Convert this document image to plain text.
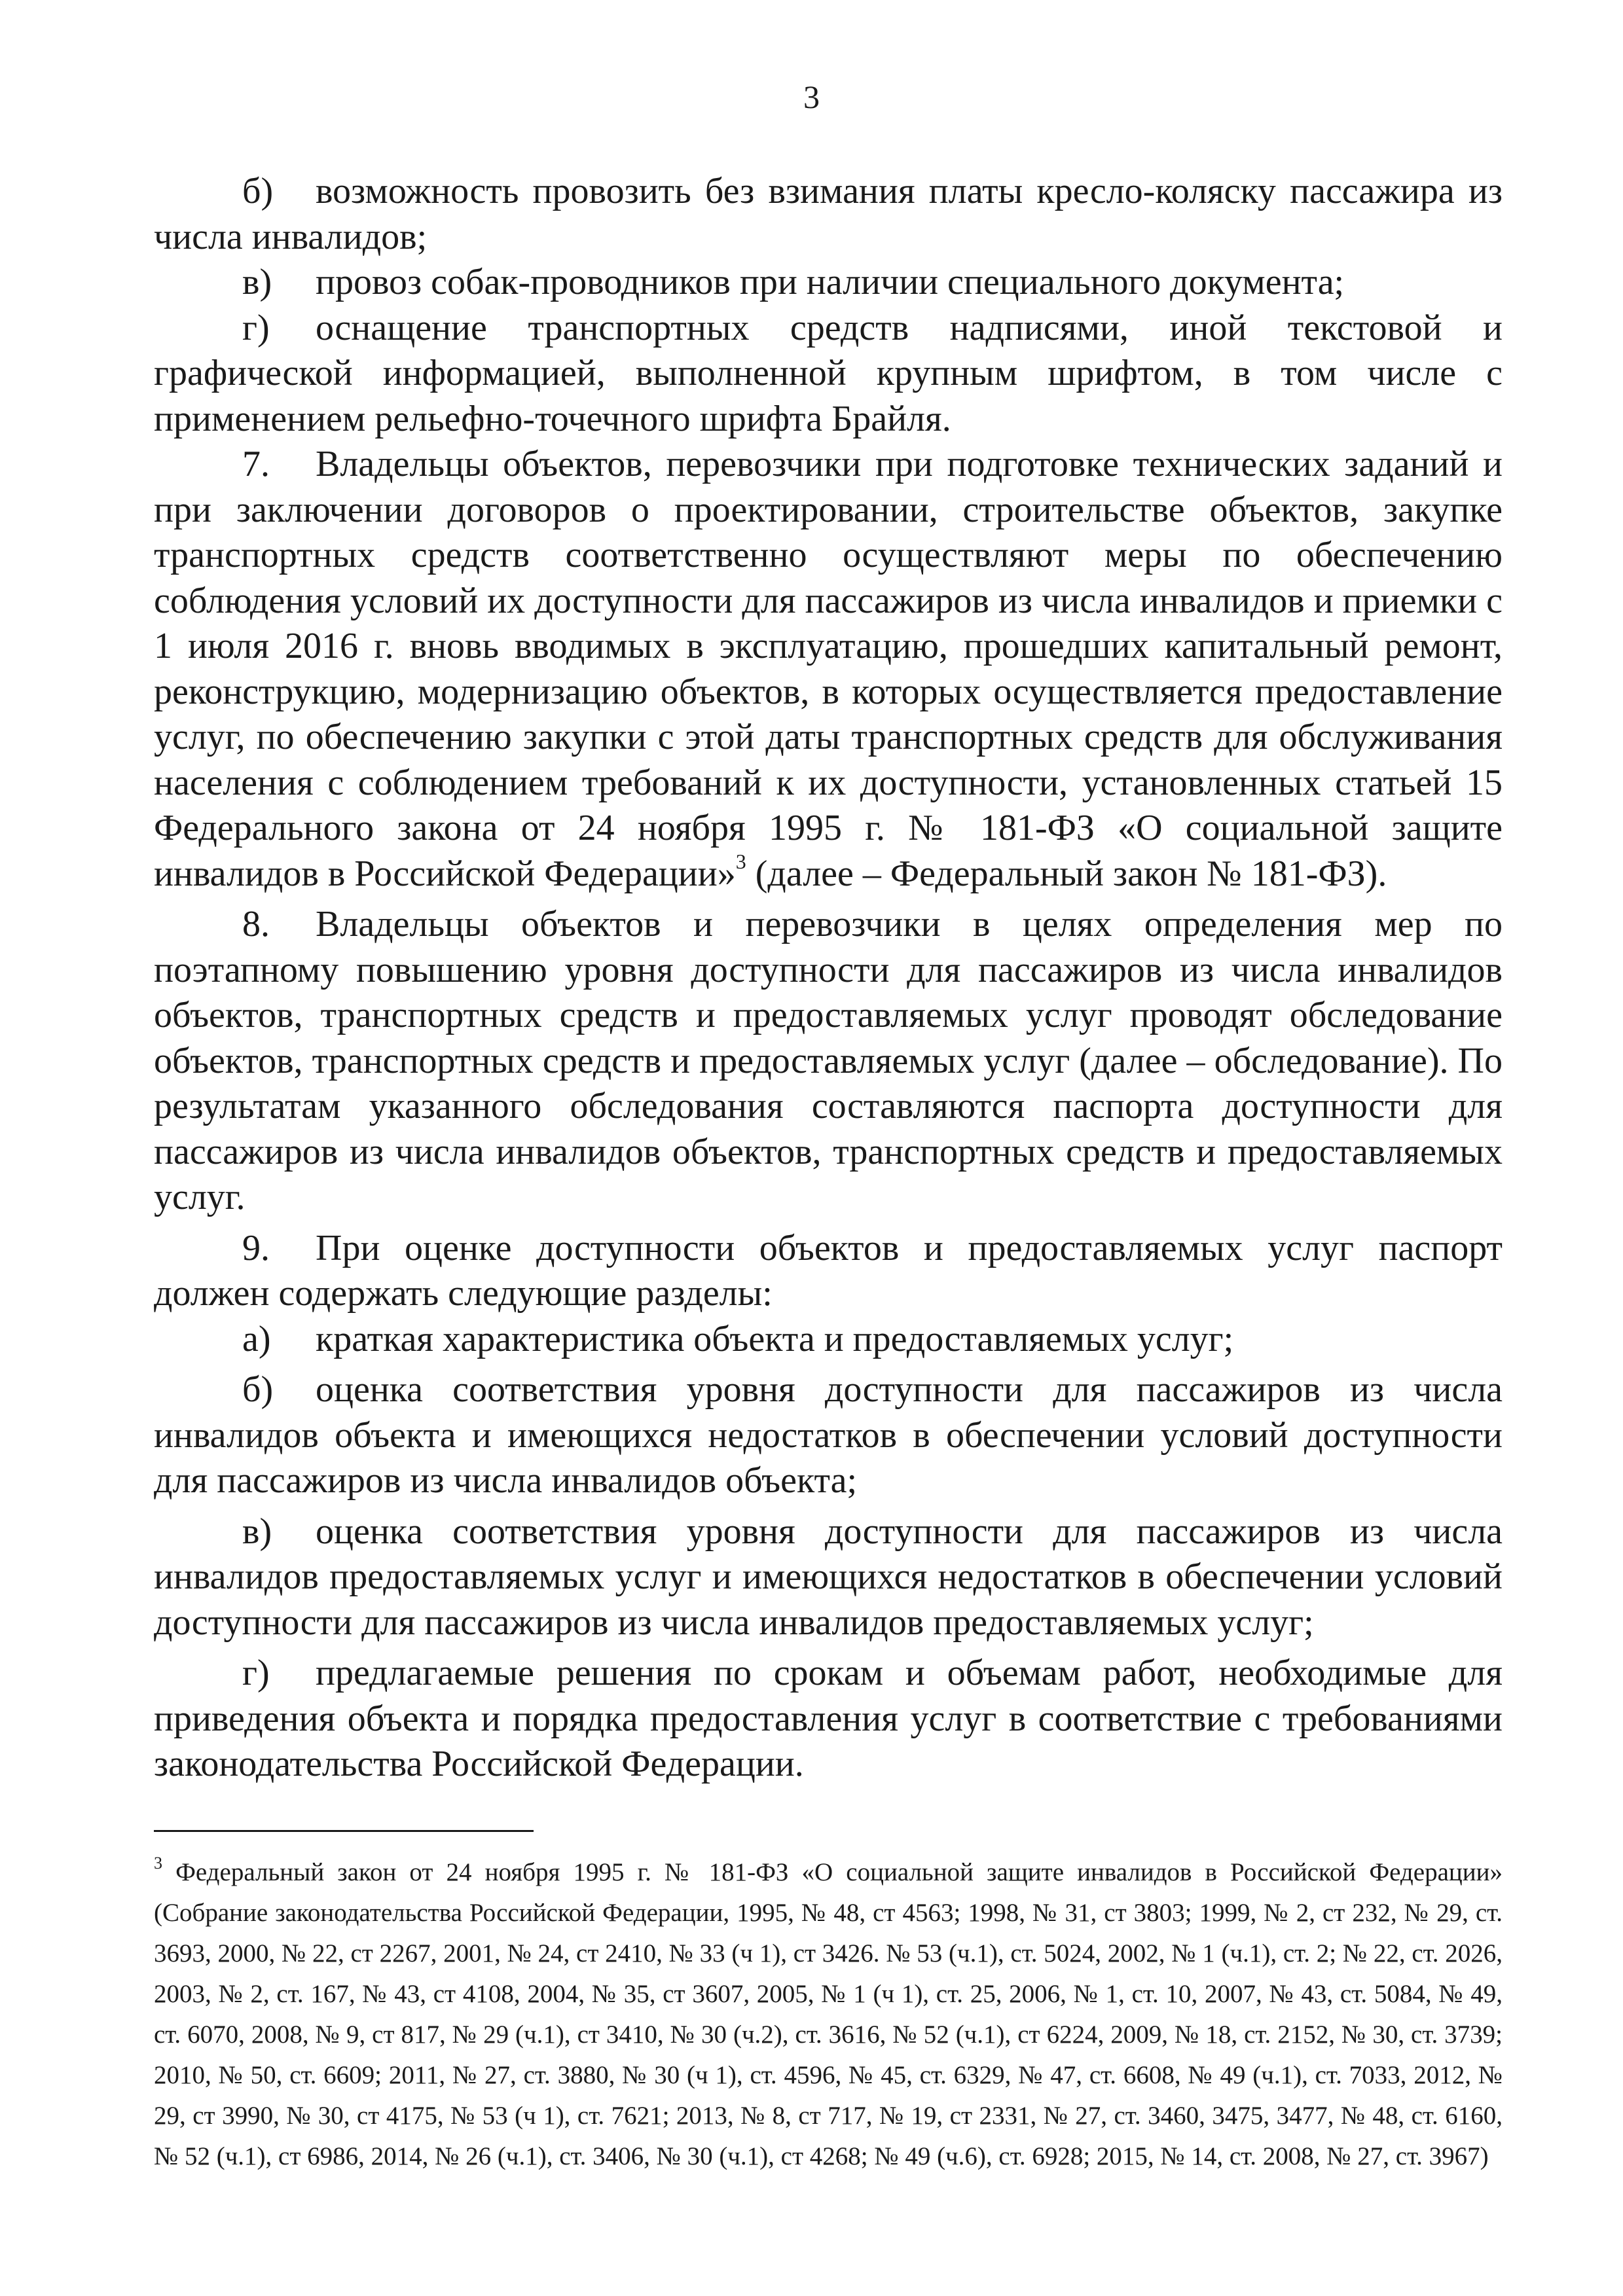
3

б) возможность провозить без взимания платы кресло-коляску пассажира из числа инвалидов;

в) провоз собак-проводников при наличии специального документа;

г) оснащение транспортных средств надписями, иной текстовой и графической информацией, выполненной крупным шрифтом, в том числе с применением рельефно-точечного шрифта Брайля.

7. Владельцы объектов, перевозчики при подготовке технических заданий и при заключении договоров о проектировании, строительстве объектов, закупке транспортных средств соответственно осуществляют меры по обеспечению соблюдения условий их доступности для пассажиров из числа инвалидов и приемки с 1 июля 2016 г. вновь вводимых в эксплуатацию, прошедших капитальный ремонт, реконструкцию, модернизацию объектов, в которых осуществляется предоставление услуг, по обеспечению закупки с этой даты транспортных средств для обслуживания населения с соблюдением требований к их доступности, установленных статьей 15 Федерального закона от 24 ноября 1995 г. № 181-ФЗ «О социальной защите инвалидов в Российской Федерации»$^3$ (далее – Федеральный закон № 181-ФЗ).

8. Владельцы объектов и перевозчики в целях определения мер по поэтапному повышению уровня доступности для пассажиров из числа инвалидов объектов, транспортных средств и предоставляемых услуг проводят обследование объектов, транспортных средств и предоставляемых услуг (далее – обследование). По результатам указанного обследования составляются паспорта доступности для пассажиров из числа инвалидов объектов, транспортных средств и предоставляемых услуг.

9. При оценке доступности объектов и предоставляемых услуг паспорт должен содержать следующие разделы:

а) краткая характеристика объекта и предоставляемых услуг;

б) оценка соответствия уровня доступности для пассажиров из числа инвалидов объекта и имеющихся недостатков в обеспечении условий доступности для пассажиров из числа инвалидов объекта;

в) оценка соответствия уровня доступности для пассажиров из числа инвалидов предоставляемых услуг и имеющихся недостатков в обеспечении условий доступности для пассажиров из числа инвалидов предоставляемых услуг;

г) предлагаемые решения по срокам и объемам работ, необходимые для приведения объекта и порядка предоставления услуг в соответствие с требованиями законодательства Российской Федерации.

$^3$ Федеральный закон от 24 ноября 1995 г. № 181-ФЗ «О социальной защите инвалидов в Российской Федерации» (Собрание законодательства Российской Федерации, 1995, № 48, ст 4563; 1998, № 31, ст 3803; 1999, № 2, ст 232, № 29, ст. 3693, 2000, № 22, ст 2267, 2001, № 24, ст 2410, № 33 (ч 1), ст 3426. № 53 (ч.1), ст. 5024, 2002, № 1 (ч.1), ст. 2; № 22, ст. 2026, 2003, № 2, ст. 167, № 43, ст 4108, 2004, № 35, ст 3607, 2005, № 1 (ч 1), ст. 25, 2006, № 1, ст. 10, 2007, № 43, ст. 5084, № 49, ст. 6070, 2008, № 9, ст 817, № 29 (ч.1), ст 3410, № 30 (ч.2), ст. 3616, № 52 (ч.1), ст 6224, 2009, № 18, ст. 2152, № 30, ст. 3739; 2010, № 50, ст. 6609; 2011, № 27, ст. 3880, № 30 (ч 1), ст. 4596, № 45, ст. 6329, № 47, ст. 6608, № 49 (ч.1), ст. 7033, 2012, № 29, ст 3990, № 30, ст 4175, № 53 (ч 1), ст. 7621; 2013, № 8, ст 717, № 19, ст 2331, № 27, ст. 3460, 3475, 3477, № 48, ст. 6160, № 52 (ч.1), ст 6986, 2014, № 26 (ч.1), ст. 3406, № 30 (ч.1), ст 4268; № 49 (ч.6), ст. 6928; 2015, № 14, ст. 2008, № 27, ст. 3967)
